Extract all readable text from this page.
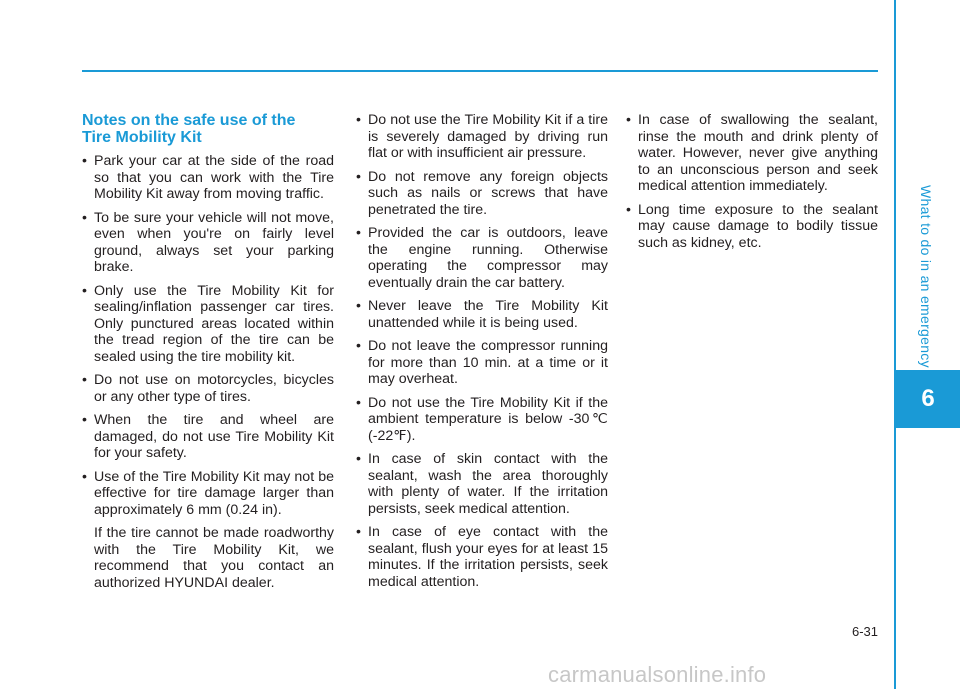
What to do in an emergency
6
Notes on the safe use of the
Tire Mobility Kit
• Park your car at the side of the road so that you can work with the Tire Mobility Kit away from moving traffic.
• To be sure your vehicle will not move, even when you're on fairly level ground, always set your parking brake.
• Only use the Tire Mobility Kit for sealing/inflation passenger car tires. Only punctured areas located within the tread region of the tire can be sealed using the tire mobility kit.
• Do not use on motorcycles, bicycles or any other type of tires.
• When the tire and wheel are damaged, do not use Tire Mobility Kit for your safety.
• Use of the Tire Mobility Kit may not be effective for tire damage larger than approximately 6 mm (0.24 in).

If the tire cannot be made roadworthy with the Tire Mobility Kit, we recommend that you contact an authorized HYUNDAI dealer.

• Do not use the Tire Mobility Kit if a tire is severely damaged by driving run flat or with insufficient air pressure.
• Do not remove any foreign objects such as nails or screws that have penetrated the tire.
• Provided the car is outdoors, leave the engine running. Otherwise operating the compressor may eventually drain the car battery.
• Never leave the Tire Mobility Kit unattended while it is being used.
• Do not leave the compressor running for more than 10 min. at a time or it may overheat.
• Do not use the Tire Mobility Kit if the ambient temperature is below -30℃ (-22℉).
• In case of skin contact with the sealant, wash the area thoroughly with plenty of water. If the irritation persists, seek medical attention.
• In case of eye contact with the sealant, flush your eyes for at least 15 minutes. If the irritation persists, seek medical attention.
• In case of swallowing the sealant, rinse the mouth and drink plenty of water. However, never give anything to an unconscious person and seek medical attention immediately.
• Long time exposure to the sealant may cause damage to bodily tissue such as kidney, etc.
6-31
carmanualsonline.info
